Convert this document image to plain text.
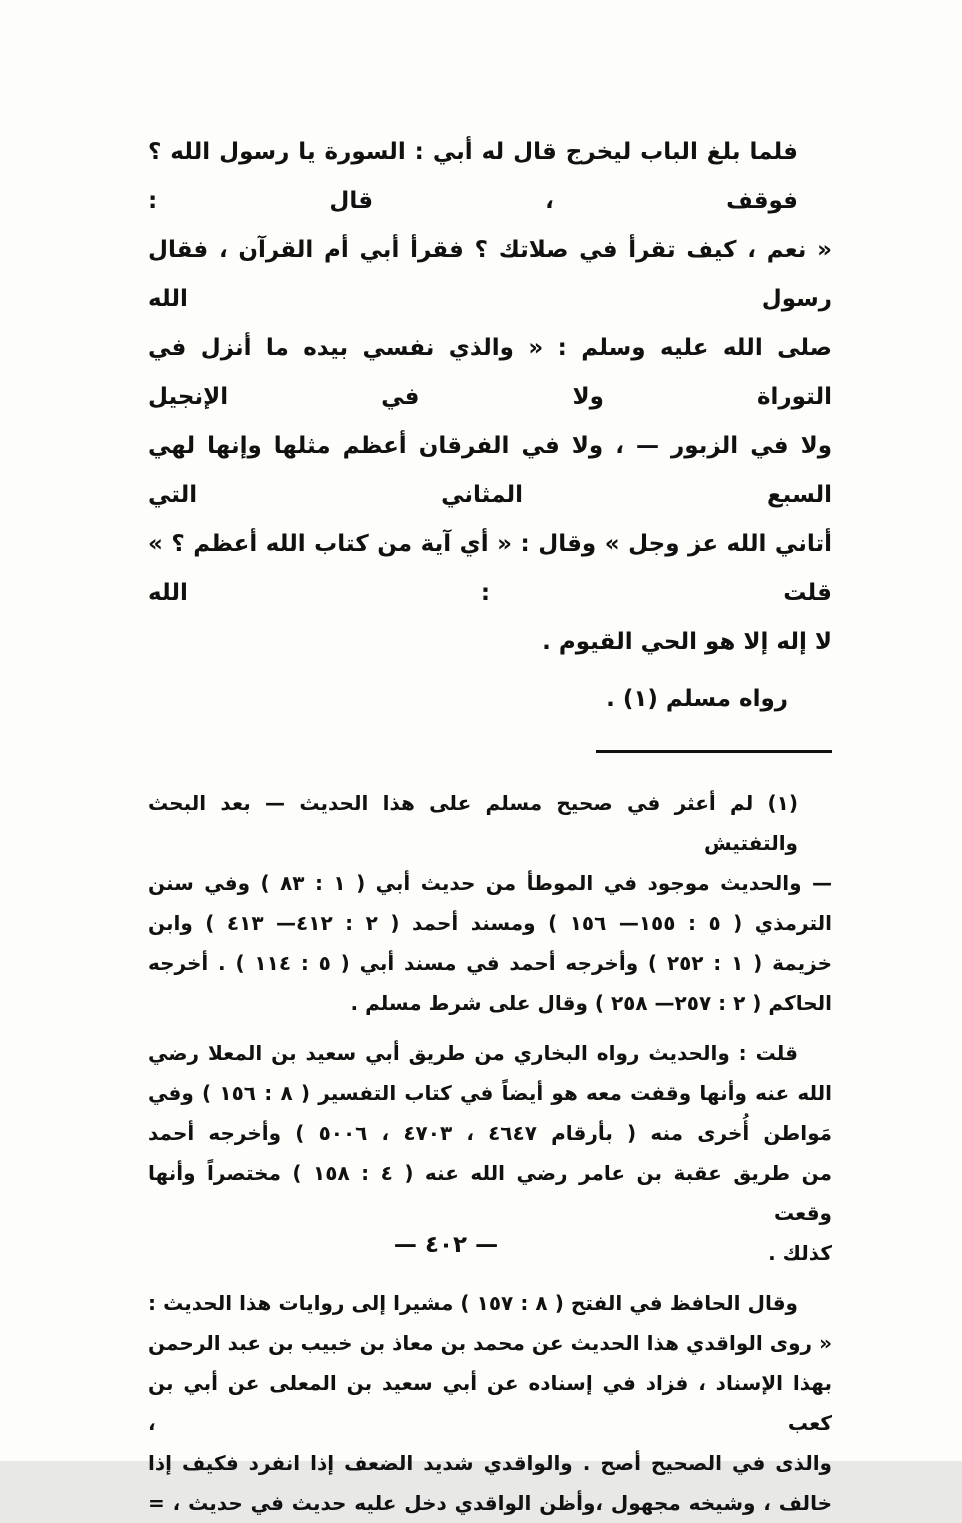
فلما بلغ الباب ليخرج قال له أبي : السورة يا رسول الله ؟ فوقف ، قال :
« نعم ، كيف تقرأ في صلاتك ؟ فقرأ أبي أم القرآن ، فقال رسول الله
صلى الله عليه وسلم : « والذي نفسي بيده ما أنزل في التوراة ولا في الإنجيل
ولا في الزبور — ، ولا في الفرقان أعظم مثلها وإنها لهي السبع المثاني التي
أتاني الله عز وجل » وقال : « أي آية من كتاب الله أعظم ؟ » قلت : الله
لا إله إلا هو الحي القيوم .
رواه مسلم (١) .
(١) لم أعثر في صحيح مسلم على هذا الحديث — بعد البحث والتفتيش
— والحديث موجود في الموطأ من حديث أبي ( ١ : ٨٣ ) وفي سنن
الترمذي ( ٥ : ١٥٥— ١٥٦ ) ومسند أحمد ( ٢ : ٤١٢— ٤١٣ ) وابن
خزيمة ( ١ : ٢٥٢ ) وأخرجه أحمد في مسند أبي ( ٥ : ١١٤ ) . أخرجه
الحاكم ( ٢ : ٢٥٧— ٢٥٨ ) وقال على شرط مسلم .
قلت : والحديث رواه البخاري من طريق أبي سعيد بن المعلا رضي
الله عنه وأنها وقفت معه هو أيضاً في كتاب التفسير ( ٨ : ١٥٦ ) وفي
مَواطن أُخرى منه ( بأرقام ٤٦٤٧ ، ٤٧٠٣ ، ٥٠٠٦ ) وأخرجه أحمد
من طريق عقبة بن عامر رضي الله عنه ( ٤ : ١٥٨ ) مختصراً وأنها وقعت
كذلك .
وقال الحافظ في الفتح ( ٨ : ١٥٧ ) مشيرا إلى روايات هذا الحديث :
« روى الواقدي هذا الحديث عن محمد بن معاذ بن خبيب بن عبد الرحمن
بهذا الإسناد ، فزاد في إسناده عن أبي سعيد بن المعلى عن أبي بن كعب ،
والذى في الصحيح أصح . والواقدي شديد الضعف إذا انفرد فكيف إذا
خالف ، وشيخه مجهول ،وأظن الواقدي دخل عليه حديث في حديث ، =
— ٤٠٢ —
